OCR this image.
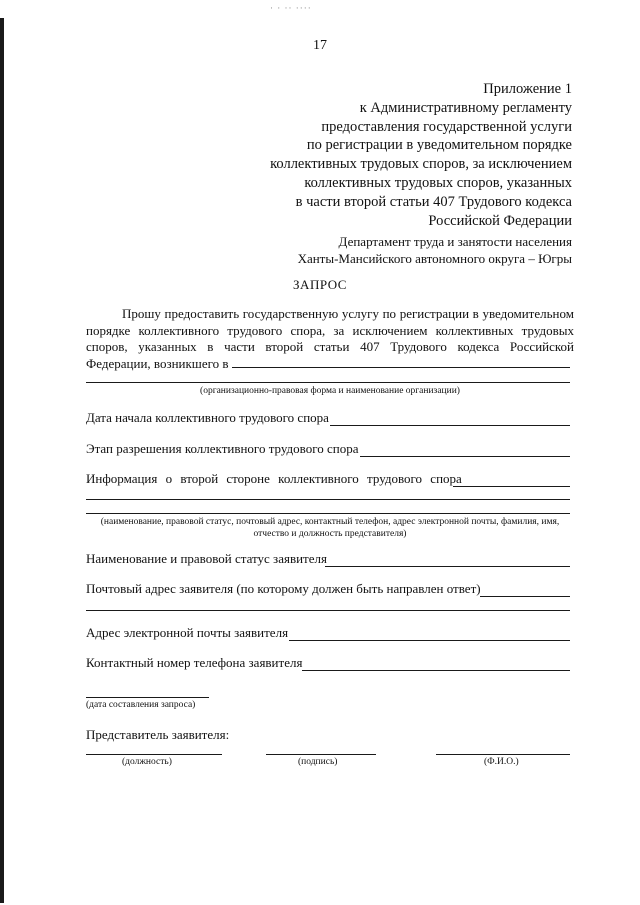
· · ·· ····
17
Приложение 1
к Административному регламенту
предоставления государственной услуги
по регистрации в уведомительном порядке
коллективных трудовых споров, за исключением
коллективных трудовых споров, указанных
в части второй статьи 407 Трудового кодекса
Российской Федерации
Департамент труда и занятости населения
Ханты-Мансийского автономного округа – Югры
ЗАПРОС
Прошу предоставить государственную услугу по регистрации в уведомительном порядке коллективного трудового спора, за исключением коллективных трудовых споров, указанных в части второй статьи 407 Трудового кодекса Российской Федерации, возникшего в
(организационно-правовая форма и наименование организации)
Дата начала коллективного трудового спора
Этап разрешения коллективного трудового спора
Информация о второй стороне коллективного трудового спора
(наименование, правовой статус, почтовый адрес, контактный телефон, адрес электронной почты, фамилия, имя, отчество и должность представителя)
Наименование и правовой статус заявителя
Почтовый адрес заявителя (по которому должен быть направлен ответ)
Адрес электронной почты заявителя
Контактный номер телефона заявителя
(дата составления запроса)
Представитель заявителя:
(должность)	(подпись)	(Ф.И.О.)
